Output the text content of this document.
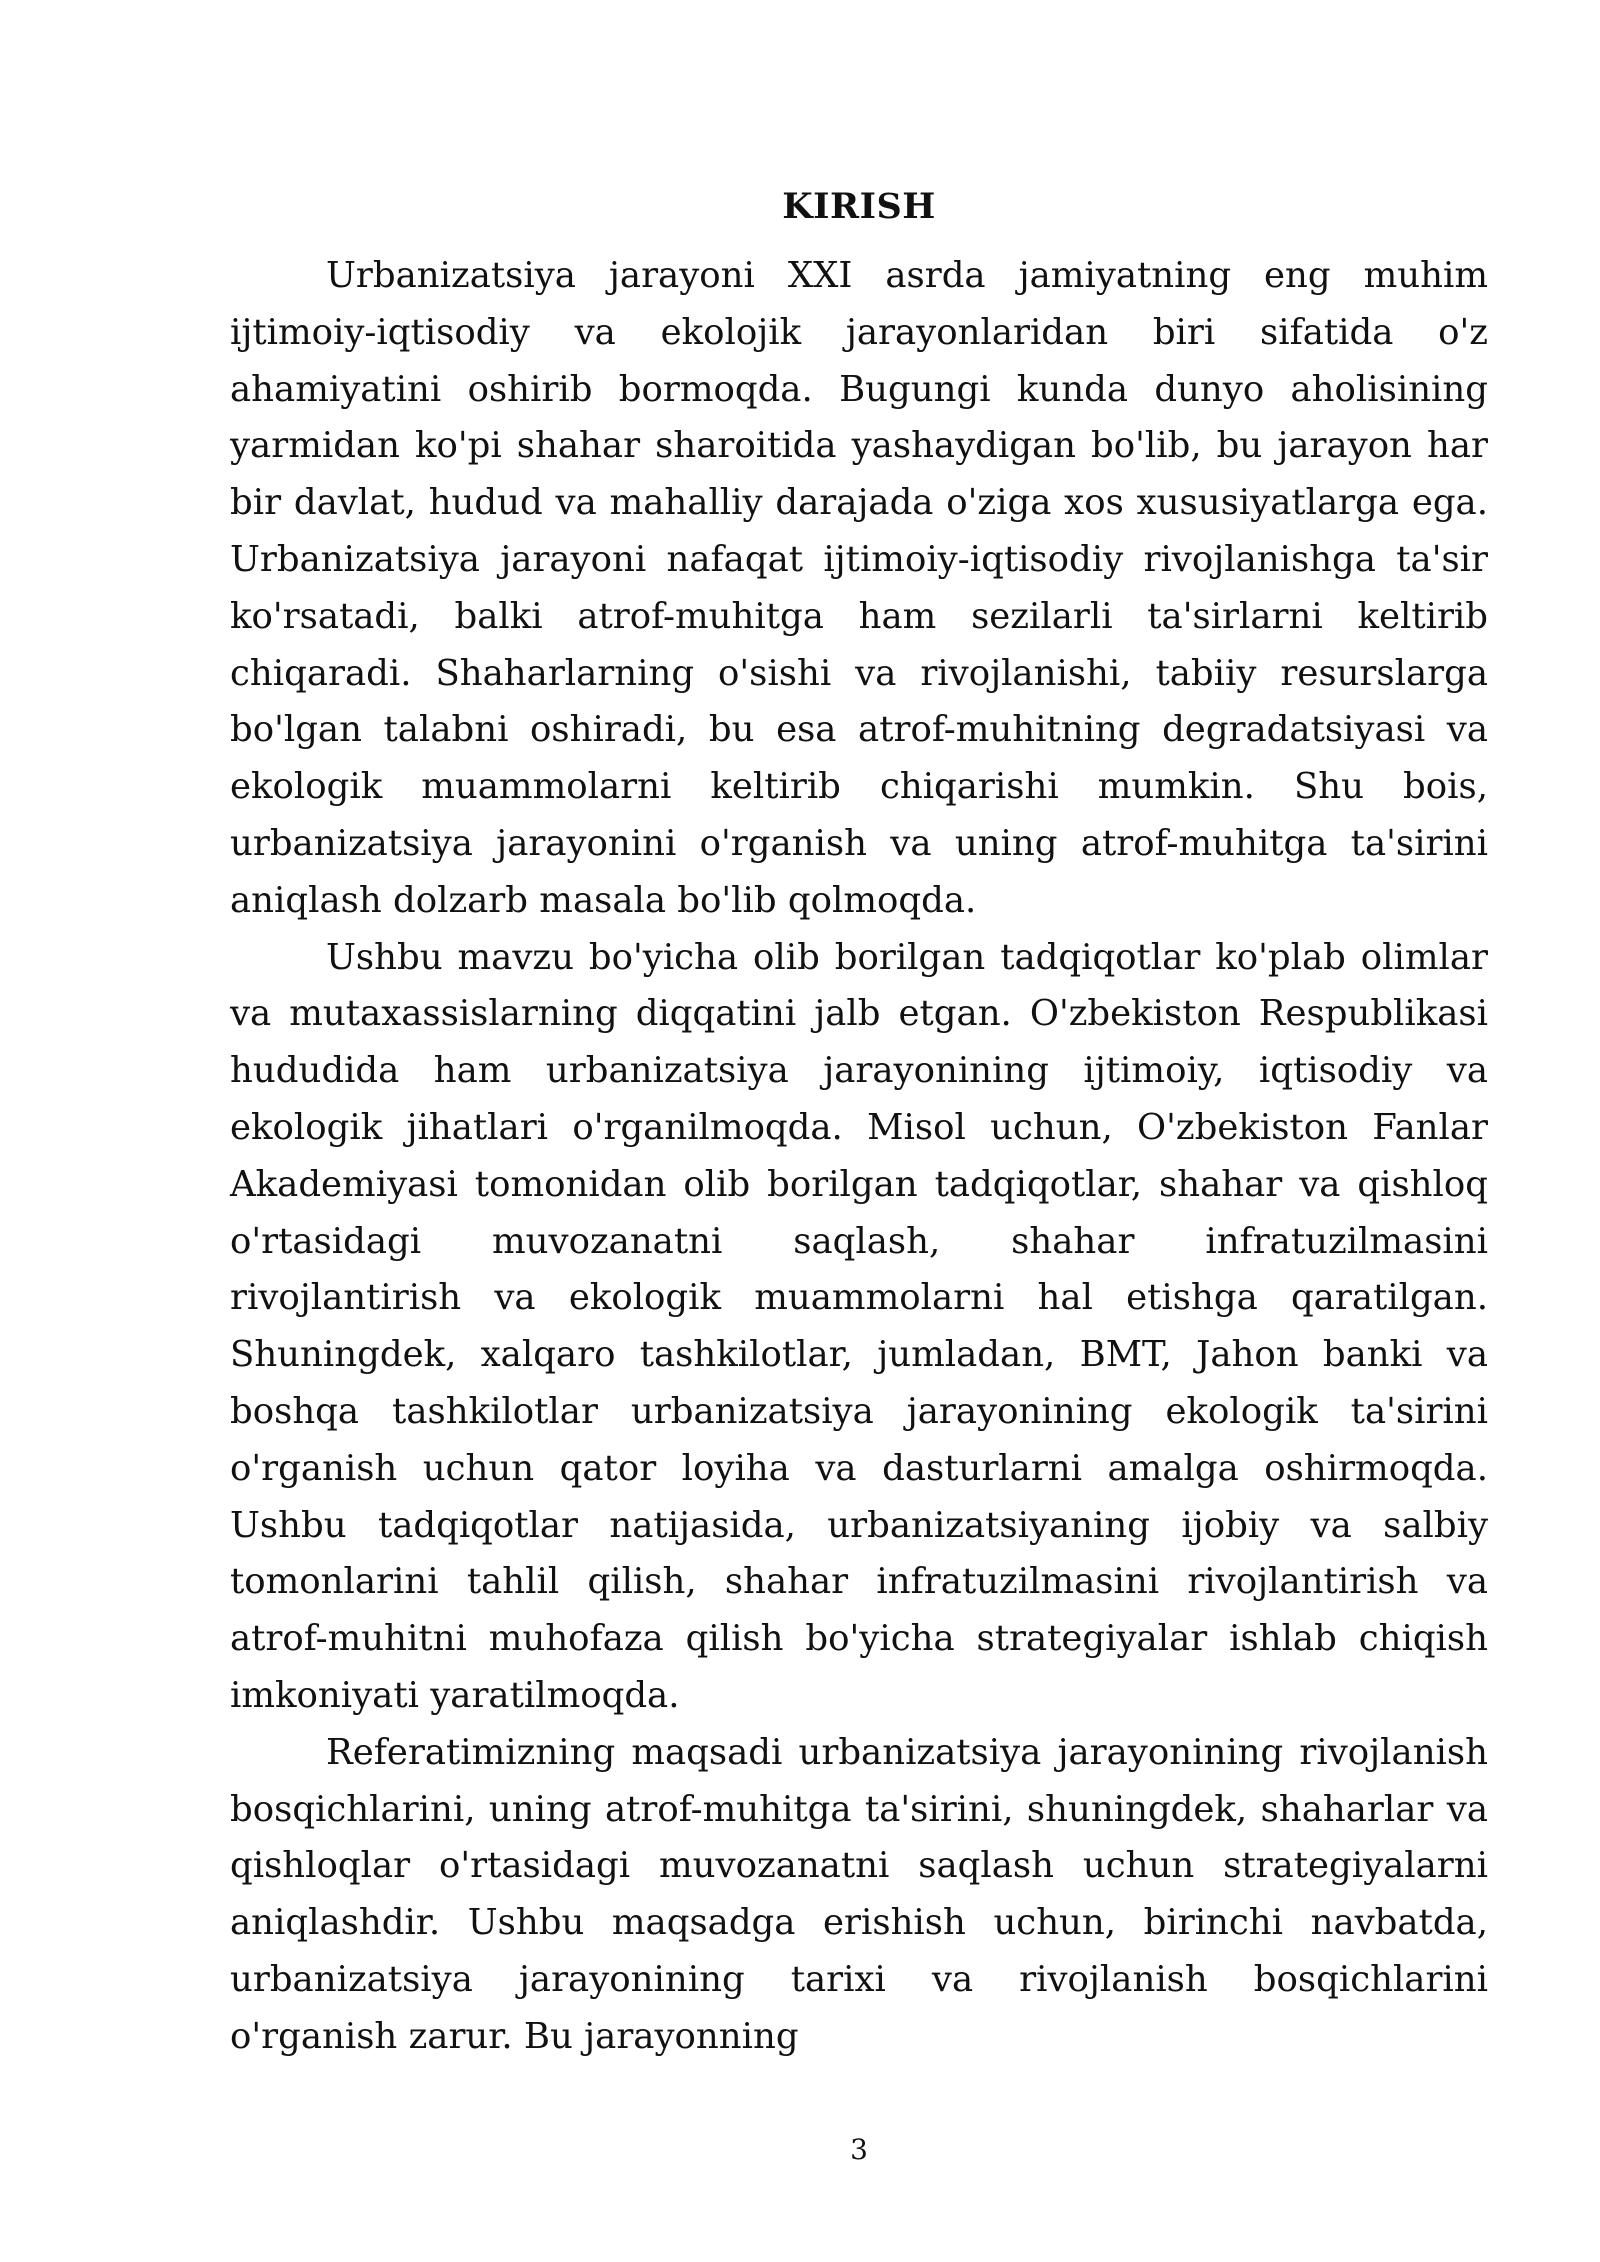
KIRISH

Urbanizatsiya jarayoni XXI asrda jamiyatning eng muhim ijtimoiy-iqtisodiy va ekolojik jarayonlaridan biri sifatida o'z ahamiyatini oshirib bormoqda. Bugungi kunda dunyo aholisining yarmidan ko'pi shahar sharoitida yashaydigan bo'lib, bu jarayon har bir davlat, hudud va mahalliy darajada o'ziga xos xususiyatlarga ega. Urbanizatsiya jarayoni nafaqat ijtimoiy-iqtisodiy rivojlanishga ta'sir ko'rsatadi, balki atrof-muhitga ham sezilarli ta'sirlarni keltirib chiqaradi. Shaharlarning o'sishi va rivojlanishi, tabiiy resurslarga bo'lgan talabni oshiradi, bu esa atrof-muhitning degradatsiyasi va ekologik muammolarni keltirib chiqarishi mumkin. Shu bois, urbanizatsiya jarayonini o'rganish va uning atrof-muhitga ta'sirini aniqlash dolzarb masala bo'lib qolmoqda.

Ushbu mavzu bo'yicha olib borilgan tadqiqotlar ko'plab olimlar va mutaxassislarning diqqatini jalb etgan. O'zbekiston Respublikasi hududida ham urbanizatsiya jarayonining ijtimoiy, iqtisodiy va ekologik jihatlari o'rganilmoqda. Misol uchun, O'zbekiston Fanlar Akademiyasi tomonidan olib borilgan tadqiqotlar, shahar va qishloq o'rtasidagi muvozanatni saqlash, shahar infratuzilmasini rivojlantirish va ekologik muammolarni hal etishga qaratilgan. Shuningdek, xalqaro tashkilotlar, jumladan, BMT, Jahon banki va boshqa tashkilotlar urbanizatsiya jarayonining ekologik ta'sirini o'rganish uchun qator loyiha va dasturlarni amalga oshirmoqda. Ushbu tadqiqotlar natijasida, urbanizatsiyaning ijobiy va salbiy tomonlarini tahlil qilish, shahar infratuzilmasini rivojlantirish va atrof-muhitni muhofaza qilish bo'yicha strategiyalar ishlab chiqish imkoniyati yaratilmoqda.

Referatimizning maqsadi urbanizatsiya jarayonining rivojlanish bosqichlarini, uning atrof-muhitga ta'sirini, shuningdek, shaharlar va qishloqlar o'rtasidagi muvozanatni saqlash uchun strategiyalarni aniqlashdir. Ushbu maqsadga erishish uchun, birinchi navbatda, urbanizatsiya jarayonining tarixi va rivojlanish bosqichlarini o'rganish zarur. Bu jarayonning

3
